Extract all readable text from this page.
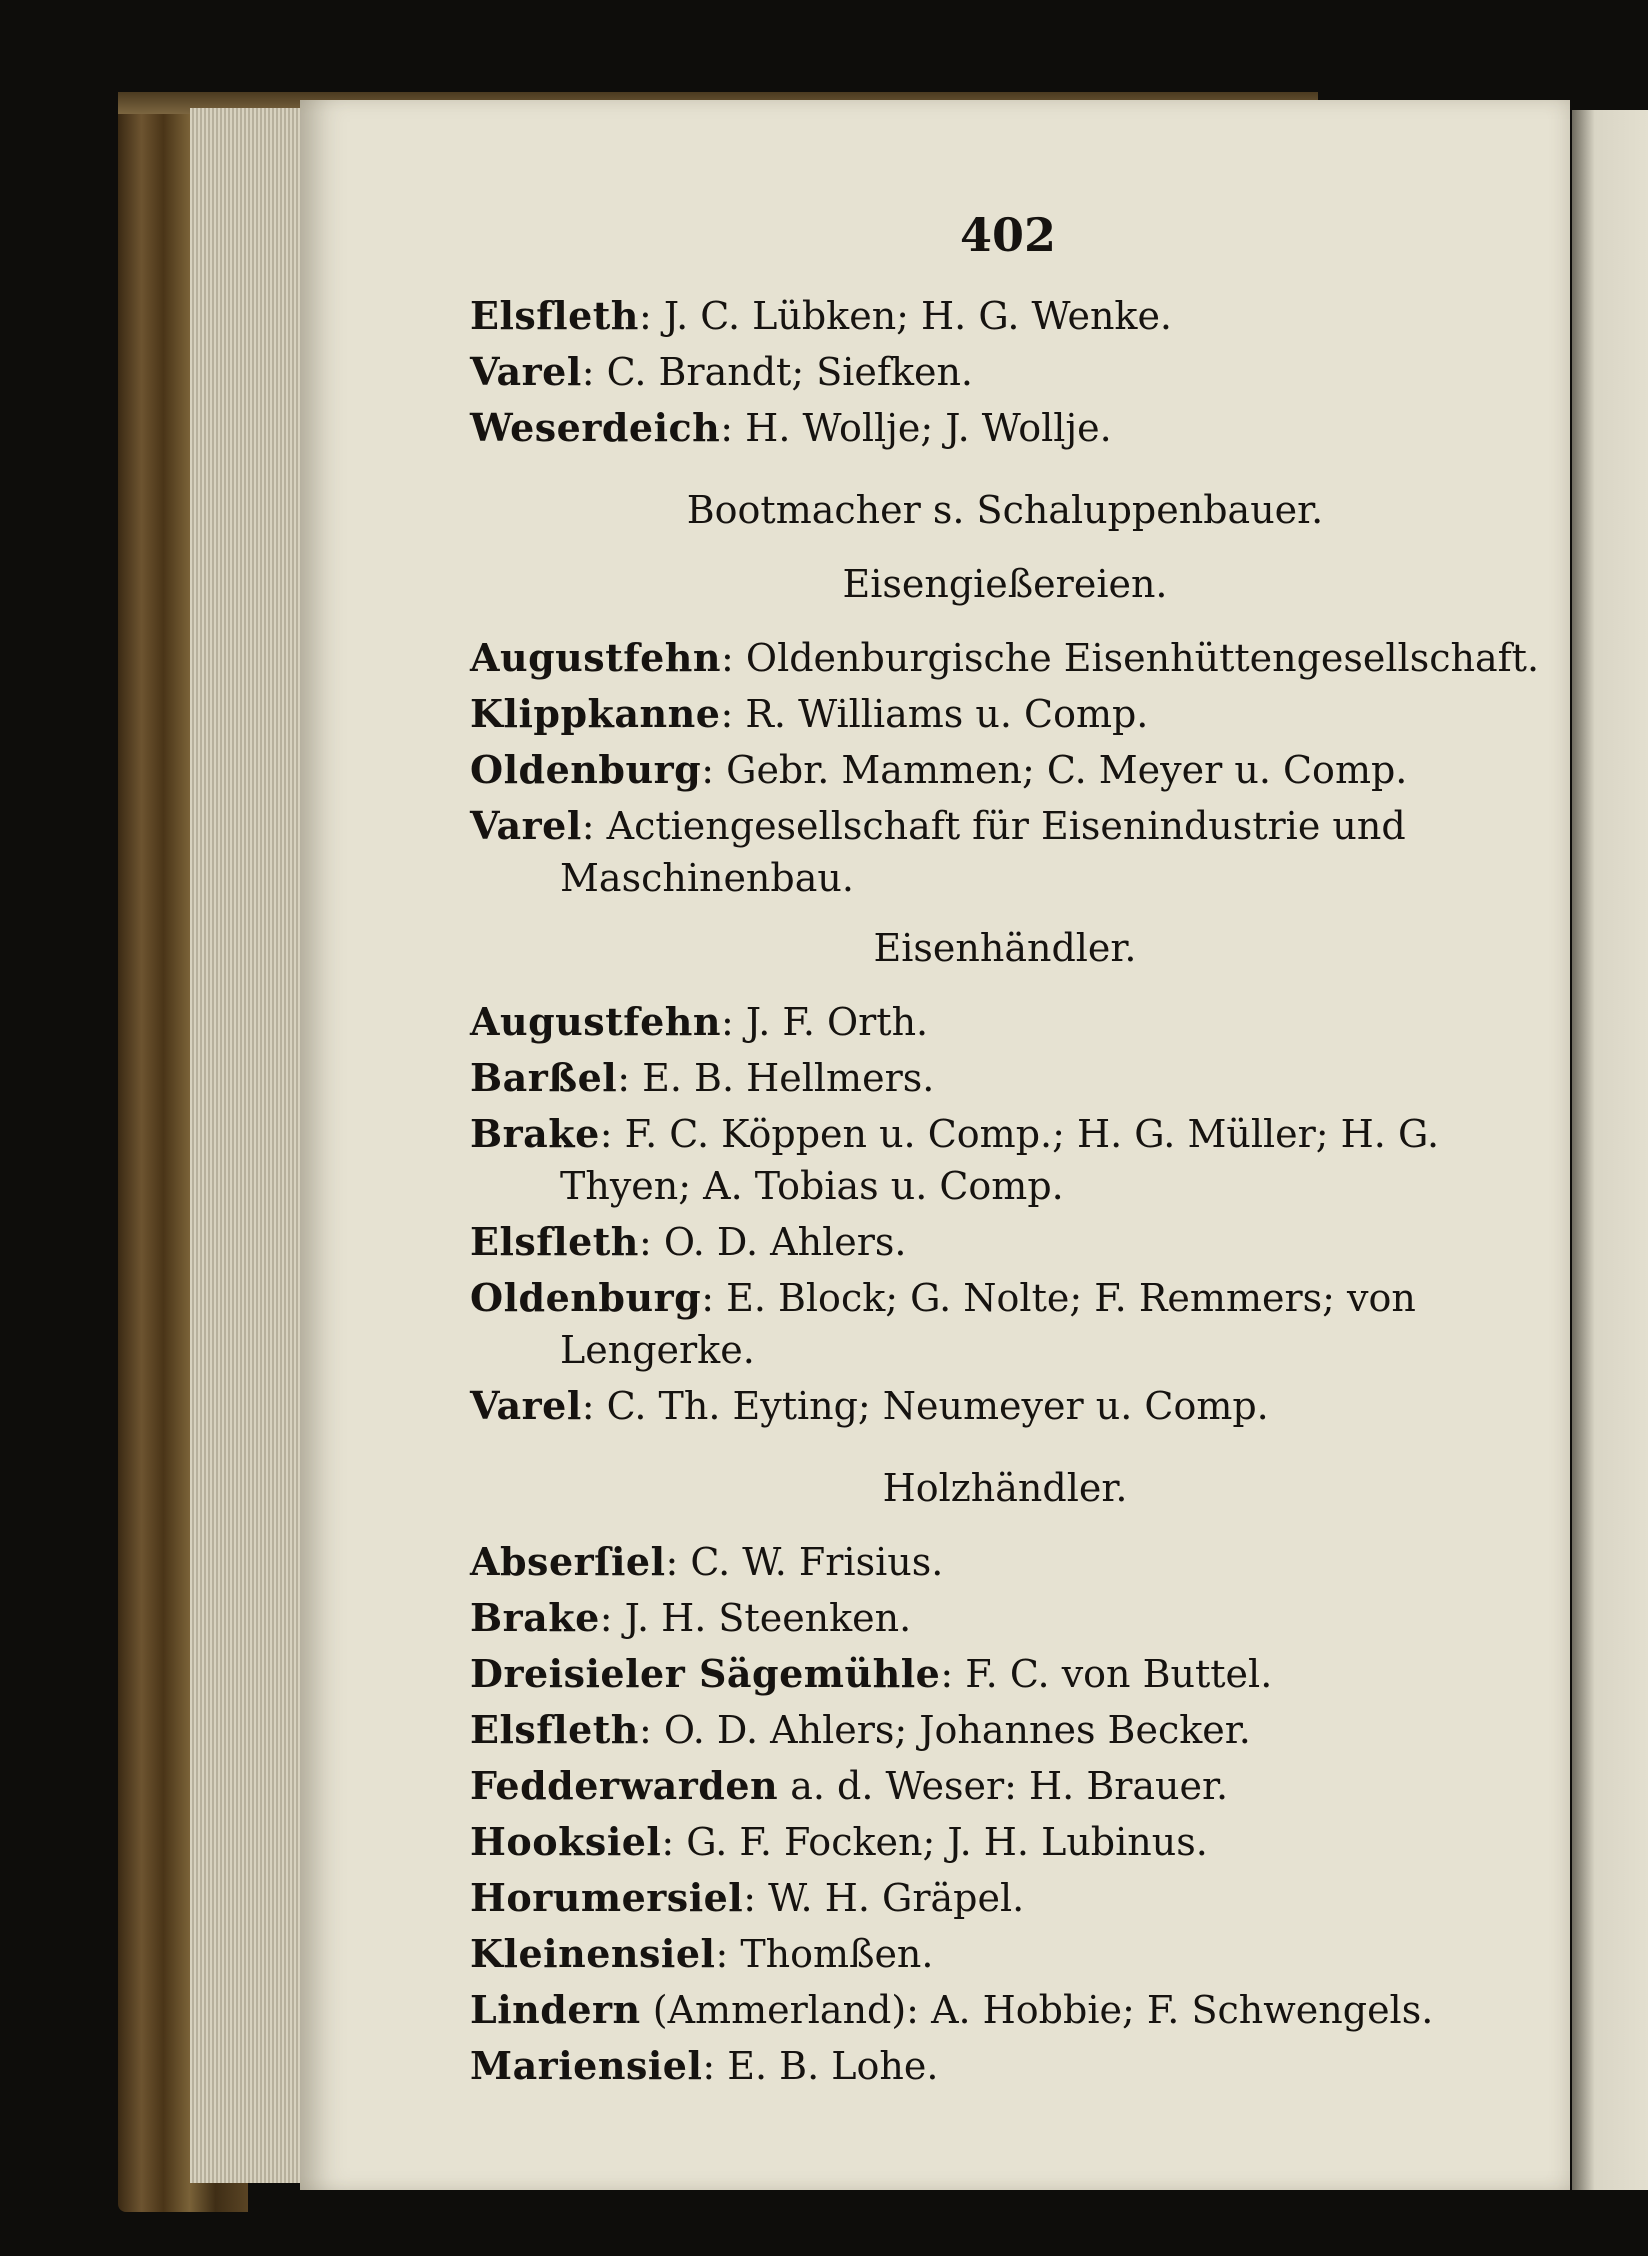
402
Elsfleth: J. C. Lübken; H. G. Wenke.
Varel: C. Brandt; Siefken.
Weserdeich: H. Wollje; J. Wollje.
Bootmacher s. Schaluppenbauer.
Eisengießereien.
Augustfehn: Oldenburgische Eisenhüttengesellschaft.
Klippkanne: R. Williams u. Comp.
Oldenburg: Gebr. Mammen; C. Meyer u. Comp.
Varel: Actiengesellschaft für Eisenindustrie und Maschinenbau.
Eisenhändler.
Augustfehn: J. F. Orth.
Barßel: E. B. Hellmers.
Brake: F. C. Köppen u. Comp.; H. G. Müller; H. G. Thyen; A. Tobias u. Comp.
Elsfleth: O. D. Ahlers.
Oldenburg: E. Block; G. Nolte; F. Remmers; von Lengerke.
Varel: C. Th. Eyting; Neumeyer u. Comp.
Holzhändler.
Abserſiel: C. W. Frisius.
Brake: J. H. Steenken.
Dreisieler Sägemühle: F. C. von Buttel.
Elsfleth: O. D. Ahlers; Johannes Becker.
Fedderwarden a. d. Weser: H. Brauer.
Hooksiel: G. F. Focken; J. H. Lubinus.
Horumersiel: W. H. Gräpel.
Kleinensiel: Thomßen.
Lindern (Ammerland): A. Hobbie; F. Schwengels.
Mariensiel: E. B. Lohe.
